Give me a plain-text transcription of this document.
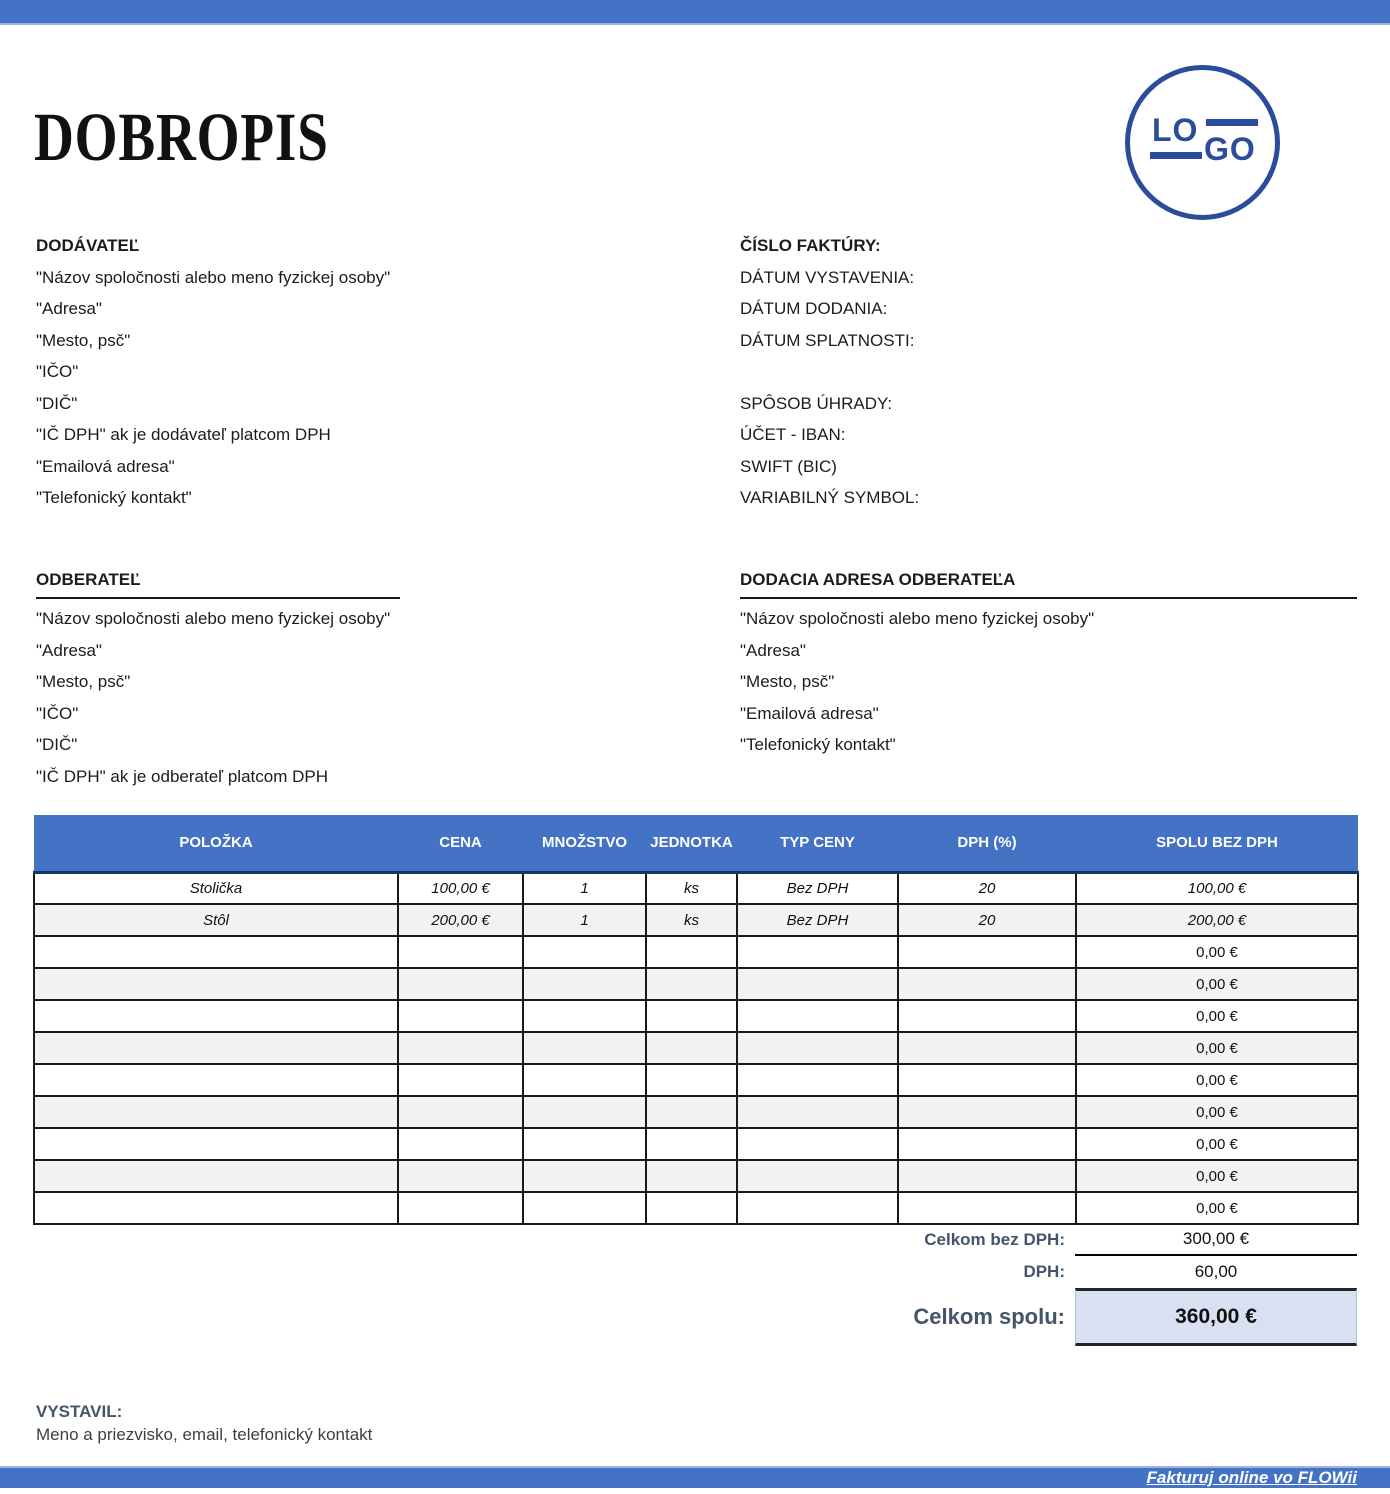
DOBROPIS	LO
GO
DODÁVATEĽ
"Názov spoločnosti alebo meno fyzickej osoby"
"Adresa"
"Mesto, psč"
"IČO"
"DIČ"
"IČ DPH" ak je dodávateľ platcom DPH
"Emailová adresa"
"Telefonický kontakt"
ČÍSLO FAKTÚRY:
DÁTUM VYSTAVENIA:
DÁTUM DODANIA:
DÁTUM SPLATNOSTI:

SPÔSOB ÚHRADY:
ÚČET - IBAN:
SWIFT (BIC)
VARIABILNÝ SYMBOL:
ODBERATEĽ
"Názov spoločnosti alebo meno fyzickej osoby"
"Adresa"
"Mesto, psč"
"IČO"
"DIČ"
"IČ DPH" ak je odberateľ platcom DPH
DODACIA ADRESA ODBERATEĽA
"Názov spoločnosti alebo meno fyzickej osoby"
"Adresa"
"Mesto, psč"
"Emailová adresa"
"Telefonický kontakt"
POLOŽKA	CENA	MNOŽSTVO	JEDNOTKA	TYP CENY	DPH (%)	SPOLU BEZ DPH
Stolička	100,00 €	1	ks	Bez DPH	20	100,00 €
Stôl	200,00 €	1	ks	Bez DPH	20	200,00 €
						0,00 €
						0,00 €
						0,00 €
						0,00 €
						0,00 €
						0,00 €
						0,00 €
						0,00 €
						0,00 €
Celkom bez DPH:	300,00 €
DPH:	60,00
Celkom spolu:	360,00 €
VYSTAVIL:
Meno a priezvisko, email, telefonický kontakt
Fakturuj online vo FLOWii
